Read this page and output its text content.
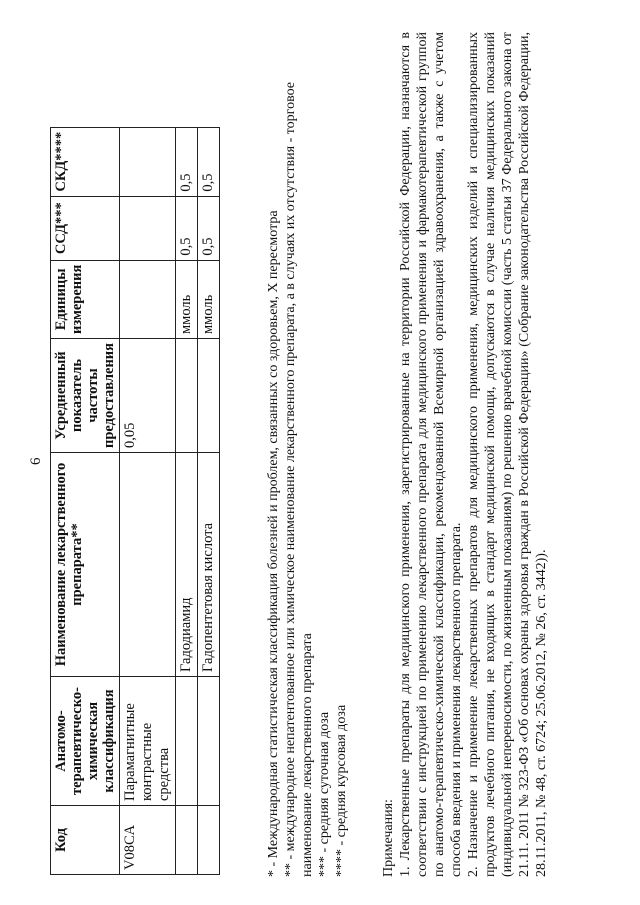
6
Код	Анатомо-терапевтическо-химическая классификация	Наименование лекарственного препарата**	Усредненный показатель частоты предоставления	Единицы измерения	ССД***	СКД****
V08CA	Парамагнитные контрастные средства		0,05			
		Гадодиамид		ммоль	0,5	0,5
		Гадопентетовая кислота		ммоль	0,5	0,5

* - Международная статистическая классификация болезней и проблем, связанных со здоровьем, X пересмотра ** - международное непатентованное или химическое наименование лекарственного препарата, а в случаях их отсутствия - торговое наименование лекарственного препарата *** - средняя суточная доза **** - средняя курсовая доза Примечания: 1. Лекарственные препараты для медицинского применения, зарегистрированные на территории Российской Федерации, назначаются в соответствии с инструкцией по применению лекарственного препарата для медицинского применения и фармакотерапевтической группой по анатомо-терапевтическо-химической классификации, рекомендованной Всемирной организацией здравоохранения, а также с учетом способа введения и применения лекарственного препарата. 2. Назначение и применение лекарственных препаратов для медицинского применения, медицинских изделий и специализированных продуктов лечебного питания, не входящих в стандарт медицинской помощи, допускаются в случае наличия медицинских показаний (индивидуальной непереносимости, по жизненным показаниям) по решению врачебной комиссии (часть 5 статьи 37 Федерального закона от 21.11. 2011 № 323-ФЗ «Об основах охраны здоровья граждан в Российской Федерации» (Собрание законодательства Российской Федерации, 28.11.2011, № 48, ст. 6724; 25.06.2012, № 26, ст. 3442)).
